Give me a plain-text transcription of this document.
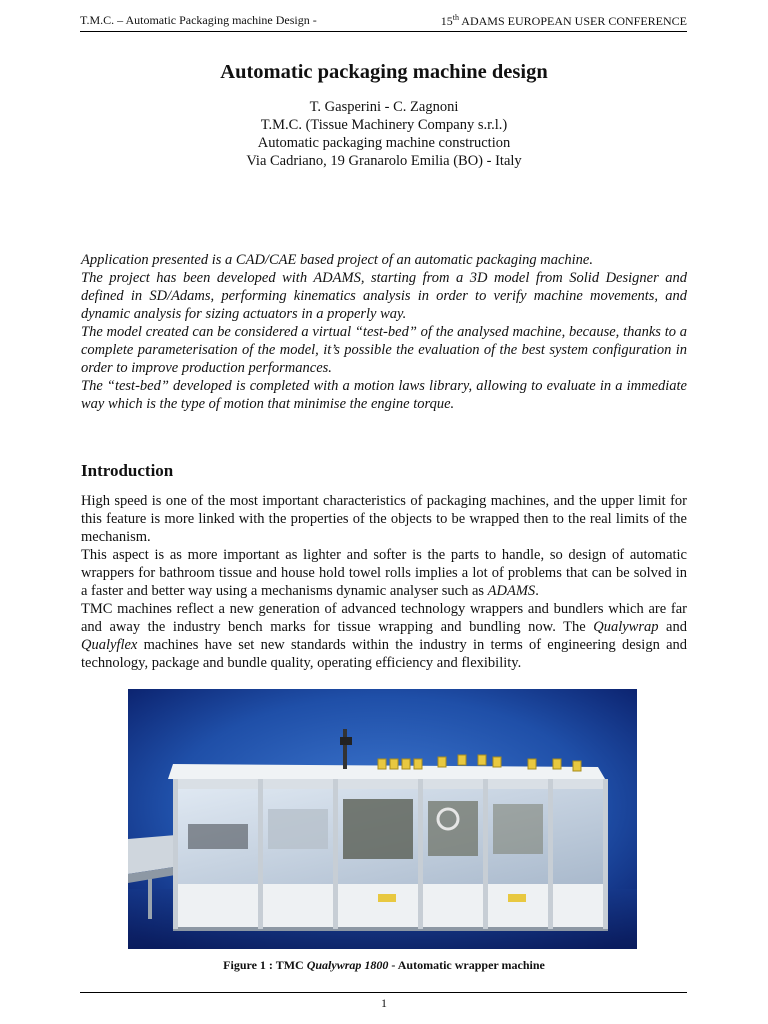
T.M.C. – Automatic Packaging machine Design -	15th ADAMS EUROPEAN USER CONFERENCE
Automatic packaging machine design
T. Gasperini - C. Zagnoni
T.M.C. (Tissue Machinery Company s.r.l.)
Automatic packaging machine construction
Via Cadriano, 19 Granarolo Emilia (BO) - Italy

Application presented is a CAD/CAE based project of an automatic packaging machine.

The project has been developed with ADAMS, starting from a 3D model from Solid Designer and defined in SD/Adams, performing kinematics analysis in order to verify machine movements, and dynamic analysis for sizing actuators in a properly way.

The model created can be considered a virtual “test-bed” of the analysed machine, because, thanks to a complete parameterisation of the model, it’s possible the evaluation of the best system configuration in order to improve production performances.

The “test-bed” developed is completed with a motion laws library, allowing to evaluate in a immediate way which is the type of motion that minimise the engine torque.

Introduction

High speed is one of the most important characteristics of packaging machines, and the upper limit for this feature is more linked with the properties of the objects to be wrapped then to the real limits of the mechanism.

This aspect is as more important as lighter and softer is the parts to handle, so design of automatic wrappers for bathroom tissue and house hold towel rolls implies a lot of problems that can be solved in a faster and better way using a mechanisms dynamic analyser such as ADAMS.

TMC machines reflect a new generation of advanced technology wrappers and bundlers which are far and away the industry bench marks for tissue wrapping and bundling now. The Qualywrap and Qualyflex machines have set new standards within the industry in terms of engineering design and technology, package and bundle quality, operating efficiency and flexibility.

Figure 1 : TMC Qualywrap 1800 - Automatic wrapper machine
1
